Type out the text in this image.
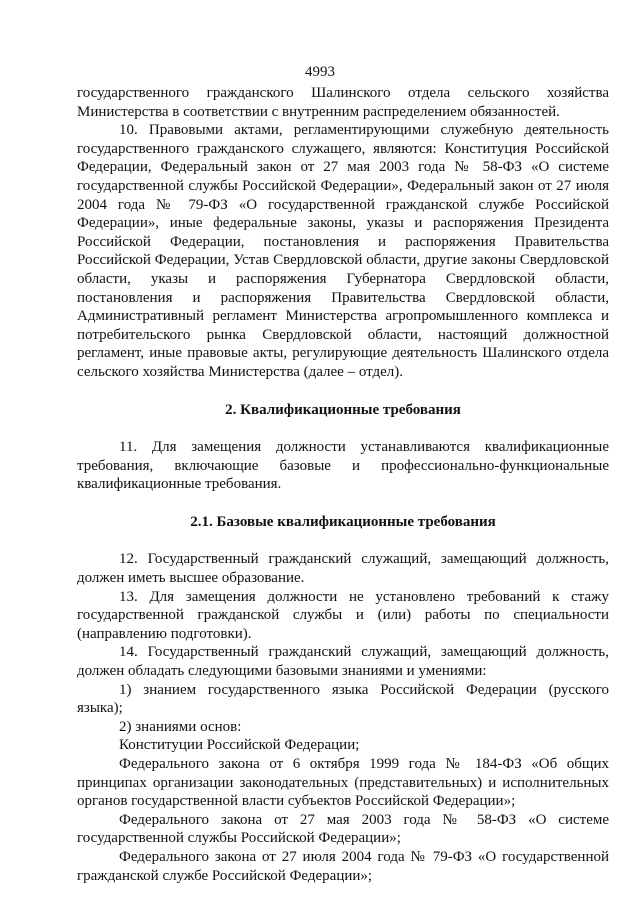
4993

государственного гражданского Шалинского отдела сельского хозяйства Министерства в соответствии с внутренним распределением обязанностей.

10. Правовыми актами, регламентирующими служебную деятельность государственного гражданского служащего, являются: Конституция Российской Федерации, Федеральный закон от 27 мая 2003 года № 58-ФЗ «О системе государственной службы Российской Федерации», Федеральный закон от 27 июля 2004 года № 79-ФЗ «О государственной гражданской службе Российской Федерации», иные федеральные законы, указы и распоряжения Президента Российской Федерации, постановления и распоряжения Правительства Российской Федерации, Устав Свердловской области, другие законы Свердловской области, указы и распоряжения Губернатора Свердловской области, постановления и распоряжения Правительства Свердловской области, Административный регламент Министерства агропромышленного комплекса и потребительского рынка Свердловской области, настоящий должностной регламент, иные правовые акты, регулирующие деятельность Шалинского отдела сельского хозяйства Министерства (далее – отдел).

2. Квалификационные требования

11. Для замещения должности устанавливаются квалификационные требования, включающие базовые и профессионально-функциональные квалификационные требования.

2.1. Базовые квалификационные требования

12. Государственный гражданский служащий, замещающий должность, должен иметь высшее образование.

13. Для замещения должности не установлено требований к стажу государственной гражданской службы и (или) работы по специальности (направлению подготовки).

14. Государственный гражданский служащий, замещающий должность, должен обладать следующими базовыми знаниями и умениями:

1) знанием государственного языка Российской Федерации (русского языка);

2) знаниями основ:

Конституции Российской Федерации;

Федерального закона от 6 октября 1999 года № 184-ФЗ «Об общих принципах организации законодательных (представительных) и исполнительных органов государственной власти субъектов Российской Федерации»;

Федерального закона от 27 мая 2003 года № 58-ФЗ «О системе государственной службы Российской Федерации»;

Федерального закона от 27 июля 2004 года № 79-ФЗ «О государственной гражданской службе Российской Федерации»;
